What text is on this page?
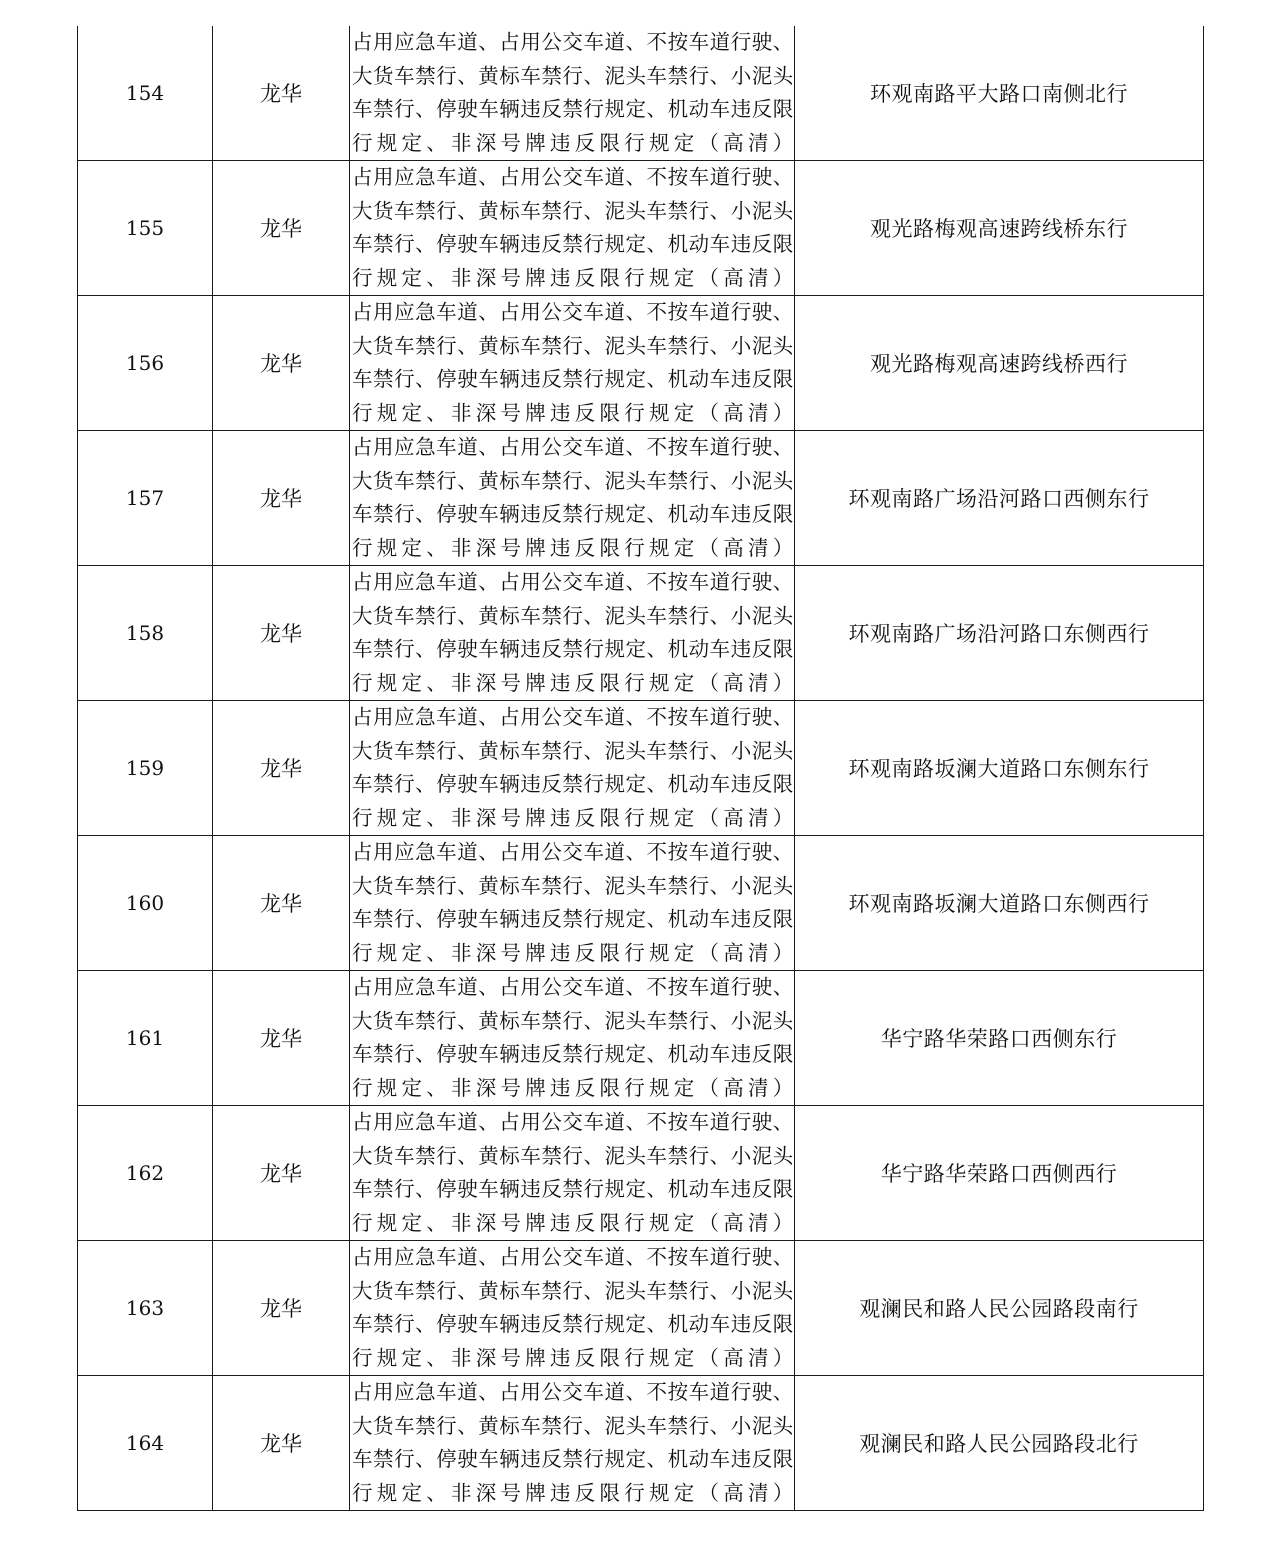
154	龙华	占用应急车道、占用公交车道、不按车道行驶、大货车禁行、黄标车禁行、泥头车禁行、小泥头车禁行、停驶车辆违反禁行规定、机动车违反限行规定、非深号牌违反限行规定（高清）	环观南路平大路口南侧北行
155	龙华	占用应急车道、占用公交车道、不按车道行驶、大货车禁行、黄标车禁行、泥头车禁行、小泥头车禁行、停驶车辆违反禁行规定、机动车违反限行规定、非深号牌违反限行规定（高清）	观光路梅观高速跨线桥东行
156	龙华	占用应急车道、占用公交车道、不按车道行驶、大货车禁行、黄标车禁行、泥头车禁行、小泥头车禁行、停驶车辆违反禁行规定、机动车违反限行规定、非深号牌违反限行规定（高清）	观光路梅观高速跨线桥西行
157	龙华	占用应急车道、占用公交车道、不按车道行驶、大货车禁行、黄标车禁行、泥头车禁行、小泥头车禁行、停驶车辆违反禁行规定、机动车违反限行规定、非深号牌违反限行规定（高清）	环观南路广场沿河路口西侧东行
158	龙华	占用应急车道、占用公交车道、不按车道行驶、大货车禁行、黄标车禁行、泥头车禁行、小泥头车禁行、停驶车辆违反禁行规定、机动车违反限行规定、非深号牌违反限行规定（高清）	环观南路广场沿河路口东侧西行
159	龙华	占用应急车道、占用公交车道、不按车道行驶、大货车禁行、黄标车禁行、泥头车禁行、小泥头车禁行、停驶车辆违反禁行规定、机动车违反限行规定、非深号牌违反限行规定（高清）	环观南路坂澜大道路口东侧东行
160	龙华	占用应急车道、占用公交车道、不按车道行驶、大货车禁行、黄标车禁行、泥头车禁行、小泥头车禁行、停驶车辆违反禁行规定、机动车违反限行规定、非深号牌违反限行规定（高清）	环观南路坂澜大道路口东侧西行
161	龙华	占用应急车道、占用公交车道、不按车道行驶、大货车禁行、黄标车禁行、泥头车禁行、小泥头车禁行、停驶车辆违反禁行规定、机动车违反限行规定、非深号牌违反限行规定（高清）	华宁路华荣路口西侧东行
162	龙华	占用应急车道、占用公交车道、不按车道行驶、大货车禁行、黄标车禁行、泥头车禁行、小泥头车禁行、停驶车辆违反禁行规定、机动车违反限行规定、非深号牌违反限行规定（高清）	华宁路华荣路口西侧西行
163	龙华	占用应急车道、占用公交车道、不按车道行驶、大货车禁行、黄标车禁行、泥头车禁行、小泥头车禁行、停驶车辆违反禁行规定、机动车违反限行规定、非深号牌违反限行规定（高清）	观澜民和路人民公园路段南行
164	龙华	占用应急车道、占用公交车道、不按车道行驶、大货车禁行、黄标车禁行、泥头车禁行、小泥头车禁行、停驶车辆违反禁行规定、机动车违反限行规定、非深号牌违反限行规定（高清）	观澜民和路人民公园路段北行
